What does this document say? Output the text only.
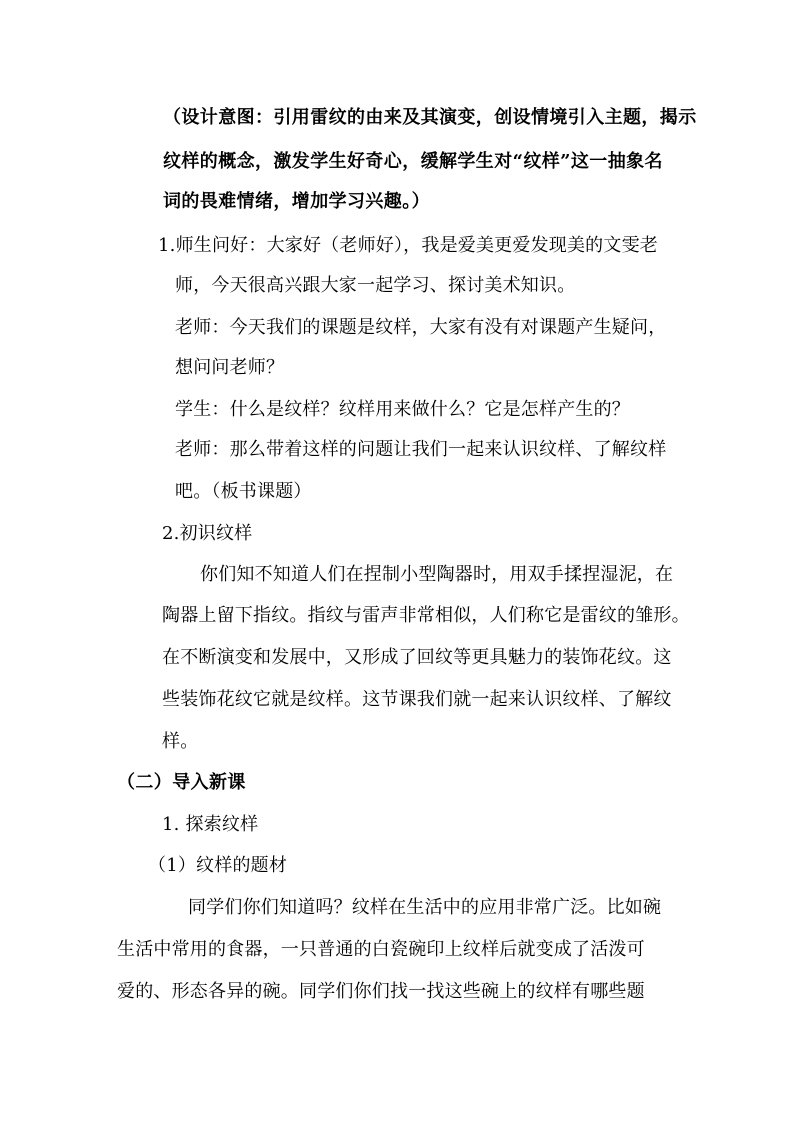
（设计意图：引用雷纹的由来及其演变，创设情境引入主题，揭示
纹样的概念，激发学生好奇心，缓解学生对“纹样”这一抽象名
词的畏难情绪，增加学习兴趣。）
1.师生问好：大家好（老师好），我是爱美更爱发现美的文雯老
师，今天很高兴跟大家一起学习、探讨美术知识。
老师：今天我们的课题是纹样，大家有没有对课题产生疑问，
想问问老师？
学生：什么是纹样？纹样用来做什么？它是怎样产生的？
老师：那么带着这样的问题让我们一起来认识纹样、了解纹样
吧。（板书课题）
2.初识纹样
你们知不知道人们在捏制小型陶器时，用双手揉捏湿泥，在
陶器上留下指纹。指纹与雷声非常相似，人们称它是雷纹的雏形。
在不断演变和发展中，又形成了回纹等更具魅力的装饰花纹。这
些装饰花纹它就是纹样。这节课我们就一起来认识纹样、了解纹
样。
（二）导入新课
1. 探索纹样
（1）纹样的题材
同学们你们知道吗？纹样在生活中的应用非常广泛。比如碗
生活中常用的食器，一只普通的白瓷碗印上纹样后就变成了活泼可
爱的、形态各异的碗。同学们你们找一找这些碗上的纹样有哪些题
